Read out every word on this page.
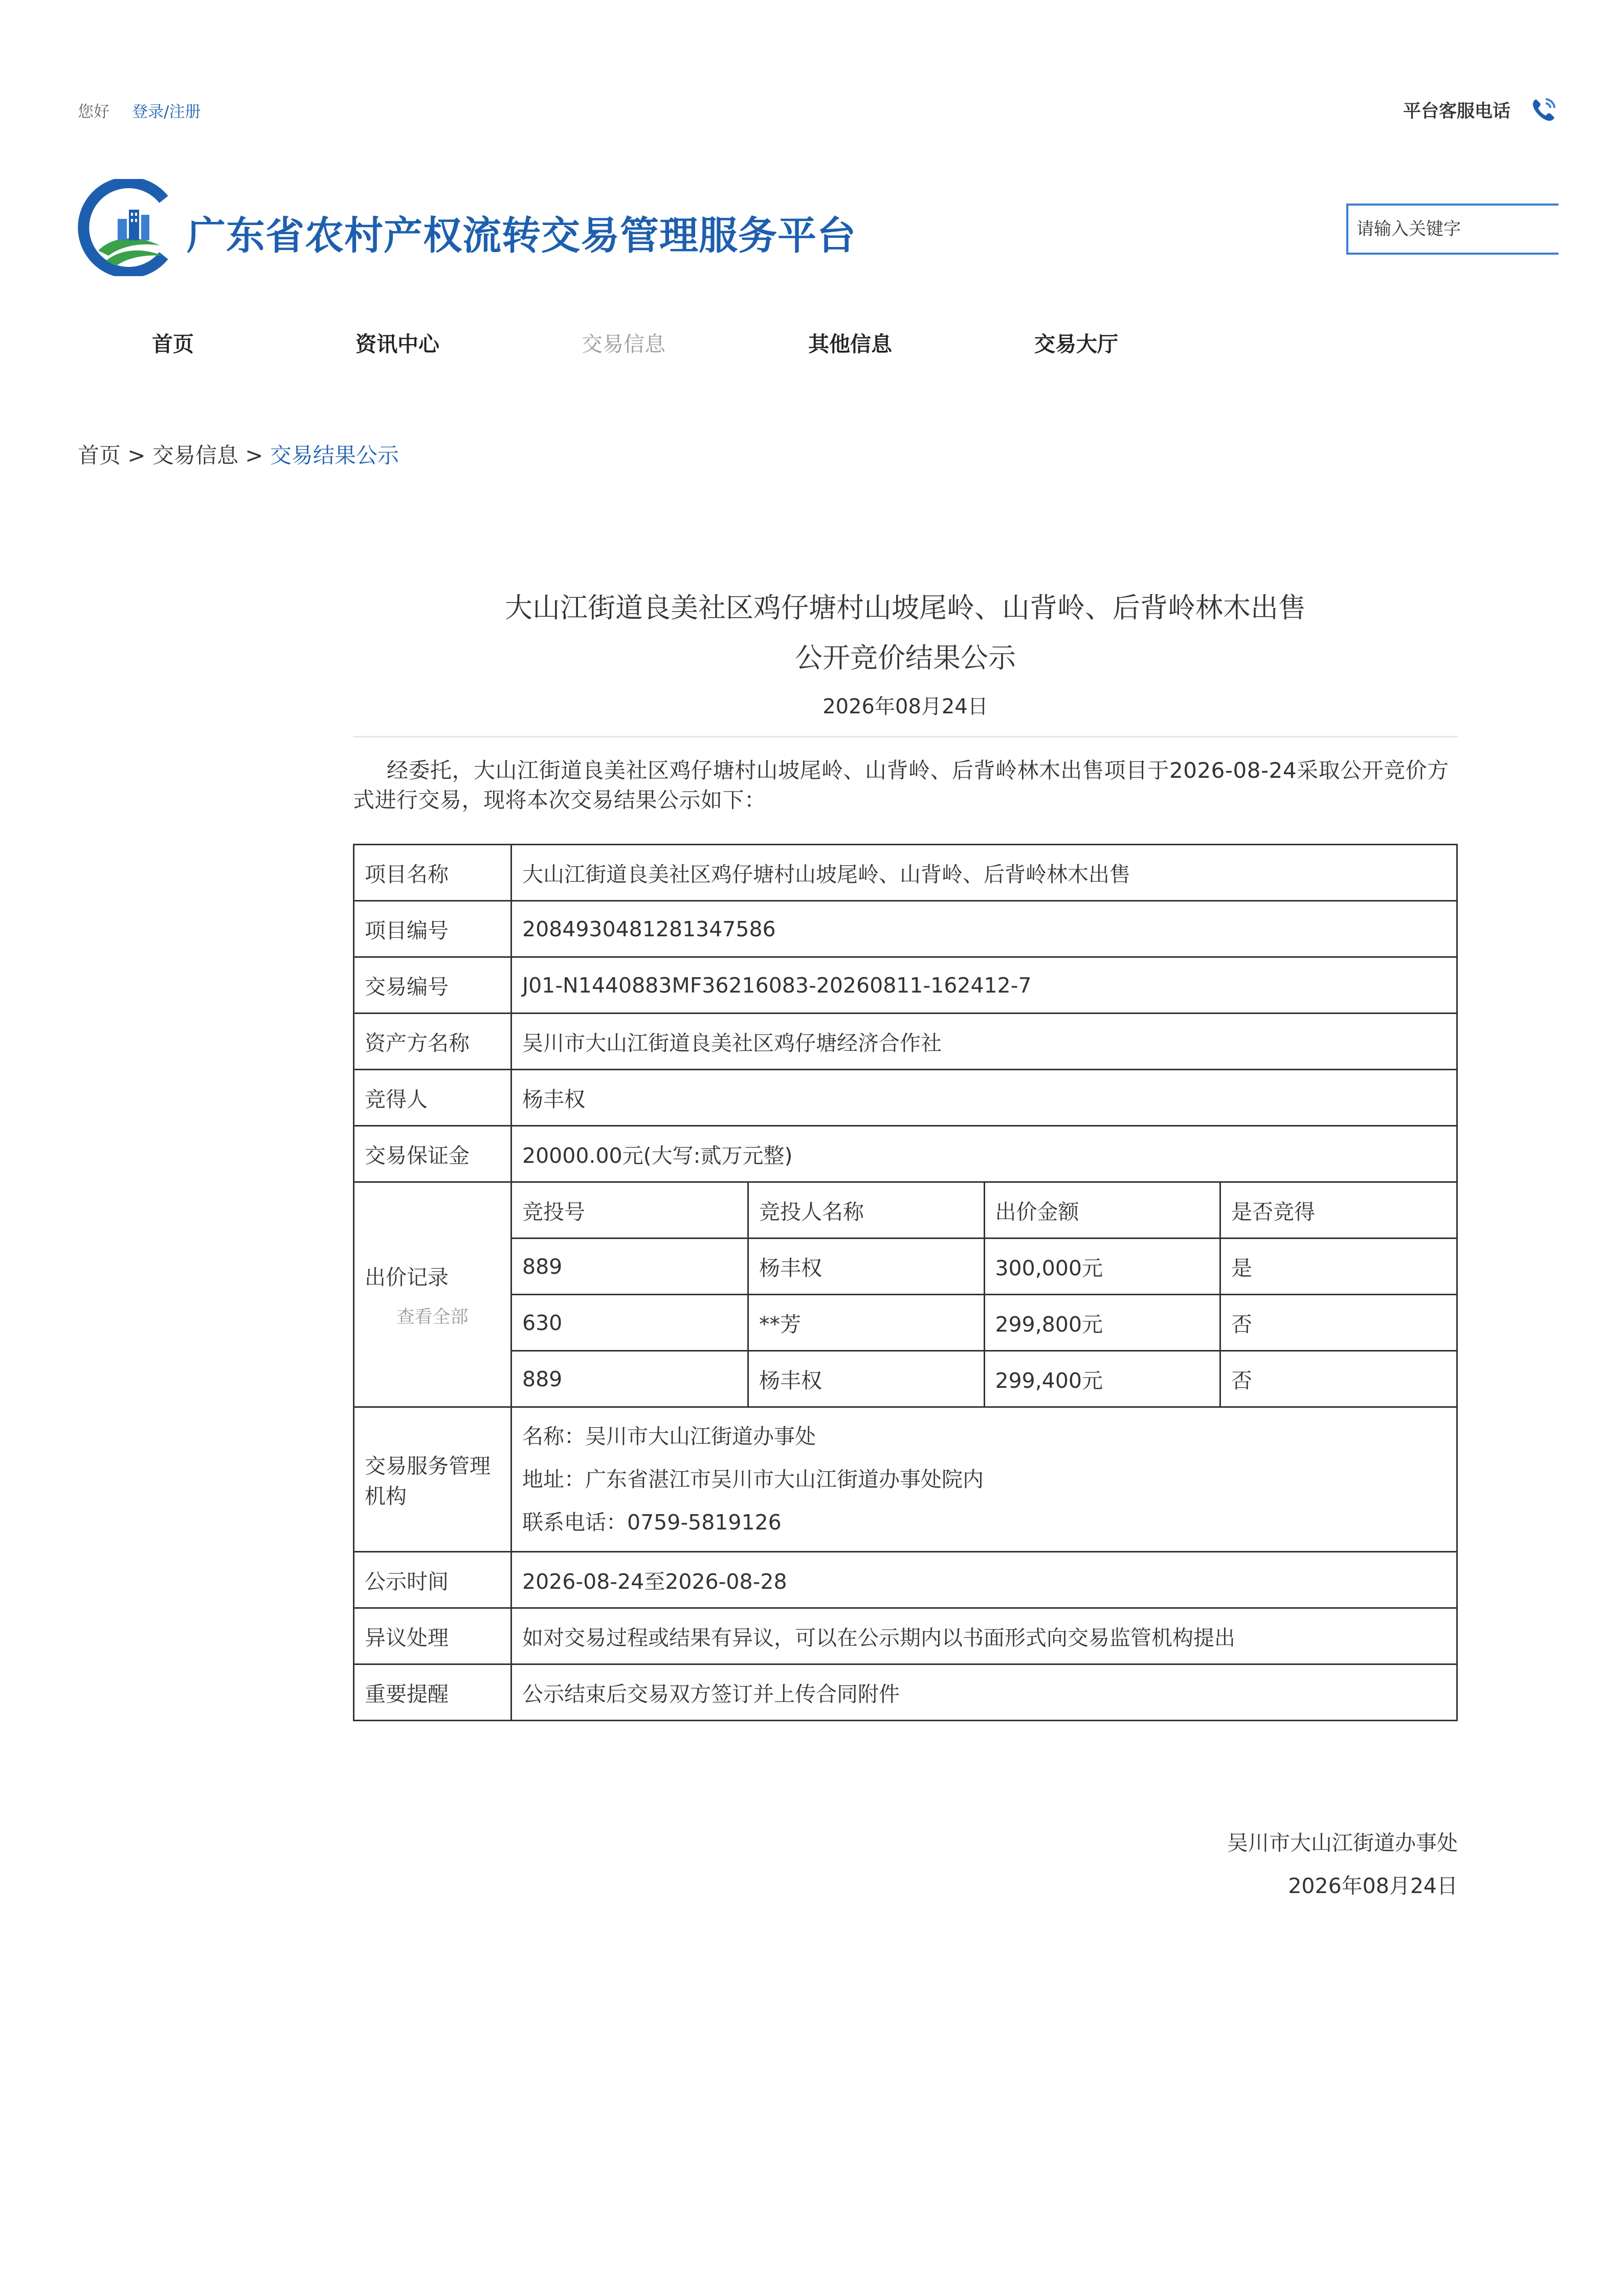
您好 登录/注册	平台客服电话
广东省农村产权流转交易管理服务平台
请输入关键字
首页	资讯中心	交易信息	其他信息	交易大厅
首页 > 交易信息 > 交易结果公示
大山江街道良美社区鸡仔塘村山坡尾岭、山背岭、后背岭林木出售
公开竞价结果公示
2026年08月24日
经委托，大山江街道良美社区鸡仔塘村山坡尾岭、山背岭、后背岭林木出售项目于2026-08-24采取公开竞价方式进行交易，现将本次交易结果公示如下：
项目名称	大山江街道良美社区鸡仔塘村山坡尾岭、山背岭、后背岭林木出售
项目编号	2084930481281347586
交易编号	J01-N1440883MF36216083-20260811-162412-7
资产方名称	吴川市大山江街道良美社区鸡仔塘经济合作社
竞得人	杨丰权
交易保证金	20000.00元(大写:贰万元整)

出价记录
查看全部

竞投号	竞投人名称	出价金额	是否竞得
889	杨丰权	300,000元	是
630	**芳	299,800元	否
889	杨丰权	299,400元	否

交易服务管理机构	
名称：吴川市大山江街道办事处
地址：广东省湛江市吴川市大山江街道办事处院内
联系电话：0759-5819126

公示时间	2026-08-24至2026-08-28
异议处理	如对交易过程或结果有异议，可以在公示期内以书面形式向交易监管机构提出
重要提醒	公示结束后交易双方签订并上传合同附件
吴川市大山江街道办事处
2026年08月24日
